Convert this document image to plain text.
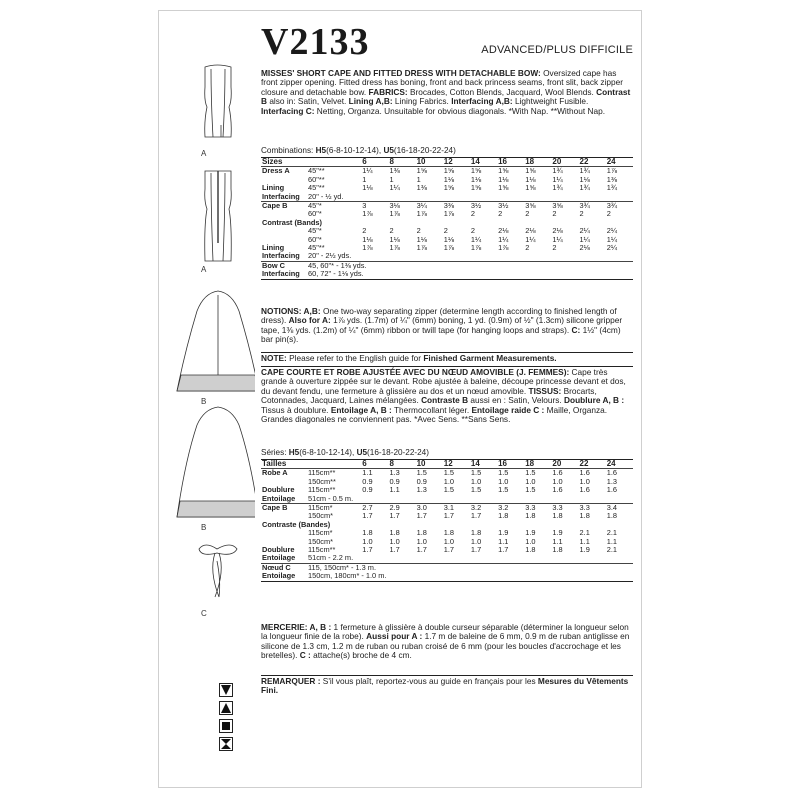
A
A
B
B
C
V2133	ADVANCED/PLUS DIFFICILE
MISSES' SHORT CAPE AND FITTED DRESS WITH DETACHABLE BOW: Oversized cape has front zipper opening. Fitted dress has boning, front and back princess seams, front slit, back zipper closure and detachable bow. FABRICS: Brocades, Cotton Blends, Jacquard, Wool Blends. Contrast B also in: Satin, Velvet. Lining A,B: Lining Fabrics. Interfacing A,B: Lightweight Fusible. Interfacing C: Netting, Organza. Unsuitable for obvious diagonals. *With Nap. **Without Nap.
Combinations: H5(6-8-10-12-14), U5(16-18-20-22-24)
Sizes		6	8	10	12	14	16	18	20	22	24
Dress A	45"**	1¼	1⅜	1⅝	1⅝	1⅝	1⅝	1⅝	1¾	1¾	1⅞
	60"**	1	1	1	1⅛	1⅛	1⅛	1⅛	1¼	1⅛	1⅜
Lining	45"**	1⅛	1¼	1⅜	1⅝	1⅝	1⅝	1⅝	1¾	1¾	1¾
Interfacing	20" - ½ yd.										
Cape B	45"*	3	3⅛	3¼	3⅜	3½	3½	3⅝	3⅝	3¾	3¾
	60"*	1⅞	1⅞	1⅞	1⅞	2	2	2	2	2	2
Contrast (Bands)											
	45"*	2	2	2	2	2	2⅛	2⅛	2⅛	2¼	2¼
	60"*	1⅛	1⅛	1⅛	1⅛	1¼	1¼	1¼	1¼	1¼	1¼
Lining	45"**	1⅞	1⅞	1⅞	1⅞	1⅞	1⅞	2	2	2⅛	2¼
Interfacing	20" - 2½ yds.										
Bow C	45, 60"* - 1⅜ yds.										
Interfacing	60, 72" - 1⅛ yds.										
NOTIONS: A,B: One two-way separating zipper (determine length according to finished length of dress). Also for A: 1⅞ yds. (1.7m) of ¼" (6mm) boning, 1 yd. (0.9m) of ½" (1.3cm) silicone gripper tape, 1⅜ yds. (1.2m) of ¼" (6mm) ribbon or twill tape (for hanging loops and straps). C: 1½" (4cm) bar pin(s).
NOTE: Please refer to the English guide for Finished Garment Measurements.
CAPE COURTE ET ROBE AJUSTÉE AVEC DU NŒUD AMOVIBLE (J. FEMMES): Cape très grande à ouverture zippée sur le devant. Robe ajustée à baleine, découpe princesse devant et dos, du devant fendu, une fermeture à glissière au dos et un nœud amovible. TISSUS: Brocarts, Cotonnades, Jacquard, Laines mélangées. Contraste B aussi en : Satin, Velours. Doublure A, B : Tissus à doublure. Entoilage A, B : Thermocollant léger. Entoilage raide C : Maille, Organza. Grandes diagonales ne conviennent pas. *Avec Sens. **Sans Sens.
Séries: H5(6-8-10-12-14), U5(16-18-20-22-24)
Tailles		6	8	10	12	14	16	18	20	22	24
Robe A	115cm**	1.1	1.3	1.5	1.5	1.5	1.5	1.5	1.6	1.6	1.6
	150cm**	0.9	0.9	0.9	1.0	1.0	1.0	1.0	1.0	1.0	1.3
Doublure	115cm**	0.9	1.1	1.3	1.5	1.5	1.5	1.5	1.6	1.6	1.6
Entoilage	51cm - 0.5 m.										
Cape B	115cm*	2.7	2.9	3.0	3.1	3.2	3.2	3.3	3.3	3.3	3.4
	150cm*	1.7	1.7	1.7	1.7	1.7	1.8	1.8	1.8	1.8	1.8
Contraste (Bandes)											
	115cm*	1.8	1.8	1.8	1.8	1.8	1.9	1.9	1.9	2.1	2.1
	150cm*	1.0	1.0	1.0	1.0	1.0	1.1	1.0	1.1	1.1	1.1
Doublure	115cm**	1.7	1.7	1.7	1.7	1.7	1.7	1.8	1.8	1.9	2.1
Entoilage	51cm - 2.2 m.										
Nœud C	115, 150cm* - 1.3 m.										
Entoilage	150cm, 180cm* - 1.0 m.										
MERCERIE: A, B : 1 fermeture à glissière à double curseur séparable (déterminer la longueur selon la longueur finie de la robe). Aussi pour A : 1.7 m de baleine de 6 mm, 0.9 m de ruban antiglisse en silicone de 1.3 cm, 1.2 m de ruban ou ruban croisé de 6 mm (pour les boucles d'accrochage et les bretelles). C : attache(s) broche de 4 cm.
REMARQUER : S'il vous plaît, reportez-vous au guide en français pour les Mesures du Vêtements Fini.
